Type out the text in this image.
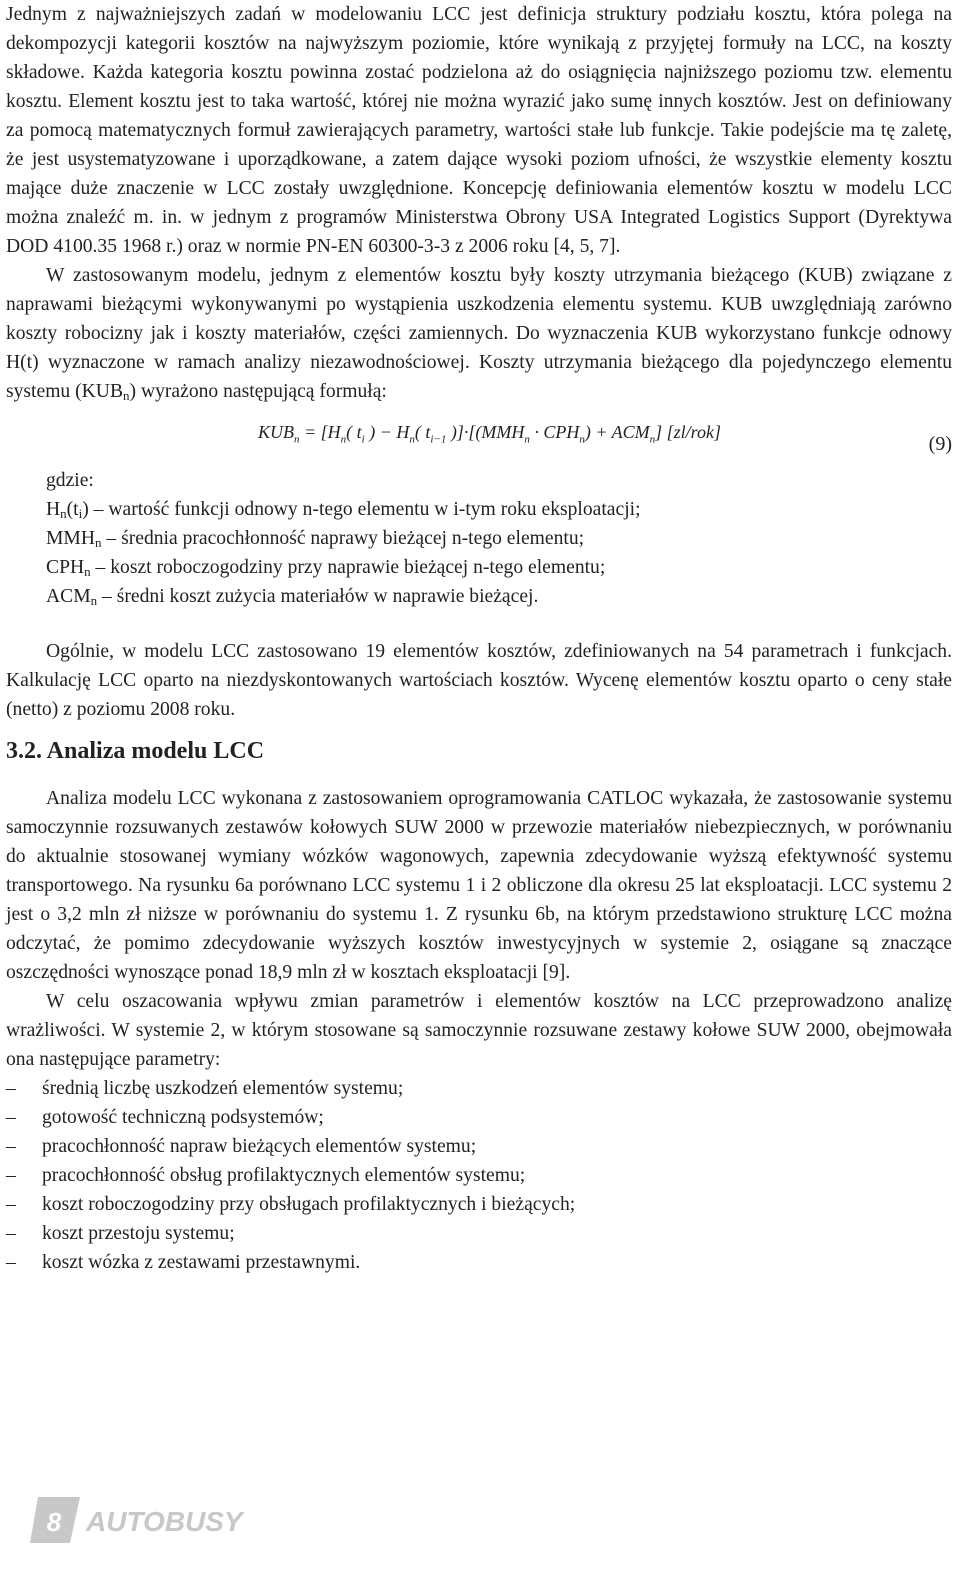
Jednym z najważniejszych zadań w modelowaniu LCC jest definicja struktury podziału kosztu, która polega na dekompozycji kategorii kosztów na najwyższym poziomie, które wynikają z przyjętej formuły na LCC, na koszty składowe. Każda kategoria kosztu powinna zostać podzielona aż do osiągnięcia najniższego poziomu tzw. elementu kosztu. Element kosztu jest to taka wartość, której nie można wyrazić jako sumę innych kosztów. Jest on definiowany za pomocą matematycznych formuł zawierających parametry, wartości stałe lub funkcje. Takie podejście ma tę zaletę, że jest usystematyzowane i uporządkowane, a zatem dające wysoki poziom ufności, że wszystkie elementy kosztu mające duże znaczenie w LCC zostały uwzględnione. Koncepcję definiowania elementów kosztu w modelu LCC można znaleźć m. in. w jednym z programów Ministerstwa Obrony USA Integrated Logistics Support (Dyrektywa DOD 4100.35 1968 r.) oraz w normie PN-EN 60300-3-3 z 2006 roku [4, 5, 7].

W zastosowanym modelu, jednym z elementów kosztu były koszty utrzymania bieżącego (KUB) związane z naprawami bieżącymi wykonywanymi po wystąpienia uszkodzenia elementu systemu. KUB uwzględniają zarówno koszty robocizny jak i koszty materiałów, części zamiennych. Do wyznaczenia KUB wykorzystano funkcje odnowy H(t) wyznaczone w ramach analizy niezawodnościowej. Koszty utrzymania bieżącego dla pojedynczego elementu systemu $(KUB_n)$ wyrażono następującą formułą:

$KUB_n = [H_n$( $t_i$ ) − $H_n$( $t_{i-1}$ )]$\cdot[(MMH_n \cdot CPH_n) + ACM_n]$ [zl/rok]
(9)
gdzie:
$H_n(t_i)$ – wartość funkcji odnowy n-tego elementu w i-tym roku eksploatacji;
$MMH_n$ – średnia pracochłonność naprawy bieżącej n-tego elementu;
$CPH_n$ – koszt roboczogodziny przy naprawie bieżącej n-tego elementu;
$ACM_n$ – średni koszt zużycia materiałów w naprawie bieżącej.

Ogólnie, w modelu LCC zastosowano 19 elementów kosztów, zdefiniowanych na 54 parametrach i funkcjach. Kalkulację LCC oparto na niezdyskontowanych wartościach kosztów. Wycenę elementów kosztu oparto o ceny stałe (netto) z poziomu 2008 roku.

3.2. Analiza modelu LCC

Analiza modelu LCC wykonana z zastosowaniem oprogramowania CATLOC wykazała, że zastosowanie systemu samoczynnie rozsuwanych zestawów kołowych SUW 2000 w przewozie materiałów niebezpiecznych, w porównaniu do aktualnie stosowanej wymiany wózków wagonowych, zapewnia zdecydowanie wyższą efektywność systemu transportowego. Na rysunku 6a porównano LCC systemu 1 i 2 obliczone dla okresu 25 lat eksploatacji. LCC systemu 2 jest o 3,2 mln zł niższe w porównaniu do systemu 1. Z rysunku 6b, na którym przedstawiono strukturę LCC można odczytać, że pomimo zdecydowanie wyższych kosztów inwestycyjnych w systemie 2, osiągane są znaczące oszczędności wynoszące ponad 18,9 mln zł w kosztach eksploatacji [9].

W celu oszacowania wpływu zmian parametrów i elementów kosztów na LCC przeprowadzono analizę wrażliwości. W systemie 2, w którym stosowane są samoczynnie rozsuwane zestawy kołowe SUW 2000, obejmowała ona następujące parametry:

– średnią liczbę uszkodzeń elementów systemu;
– gotowość techniczną podsystemów;
– pracochłonność napraw bieżących elementów systemu;
– pracochłonność obsług profilaktycznych elementów systemu;
– koszt roboczogodziny przy obsługach profilaktycznych i bieżących;
– koszt przestoju systemu;
– koszt wózka z zestawami przestawnymi.
8 AUTOBUSY
